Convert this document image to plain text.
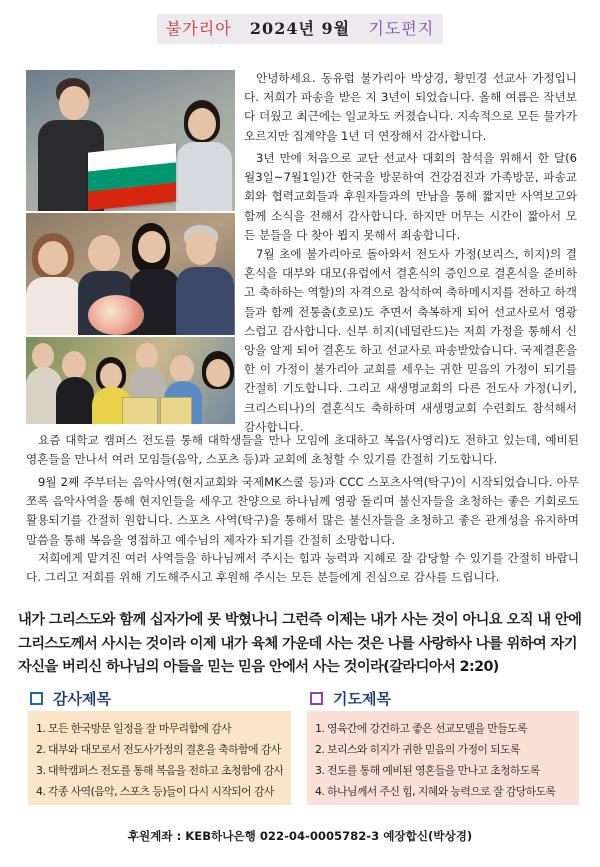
불가리아 2024년 9월 기도편지

안녕하세요. 동유럽 불가리아 박상경, 황민경 선교사 가정입니다. 저희가 파송을 받은 지 3년이 되었습니다. 올해 여름은 작년보다 더웠고 최근에는 일교차도 커졌습니다. 지속적으로 모든 물가가 오르지만 집계약을 1년 더 연장해서 감사합니다.

3년 만에 처음으로 교단 선교사 대회의 참석을 위해서 한 달(6월3일~7월1일)간 한국을 방문하여 건강검진과 가족방문, 파송교회와 협력교회들과 후원자들과의 만남을 통해 짧지만 사역보고와 함께 소식을 전해서 감사합니다. 하지만 머무는 시간이 짧아서 모든 분들을 다 찾아 뵙지 못해서 죄송합니다.

7월 초에 불가리아로 돌아와서 전도사 가정(보리스, 히지)의 결혼식을 대부와 대모(유럽에서 결혼식의 증인으로 결혼식을 준비하고 축하하는 역할)의 자격으로 참석하여 축하메시지를 전하고 하객들과 함께 전통춤(호로)도 추면서 축복하게 되어 선교사로서 영광스럽고 감사합니다. 신부 히지(네덜란드)는 저희 가정을 통해서 신앙을 알게 되어 결혼도 하고 선교사로 파송받았습니다. 국제결혼을 한 이 가정이 불가리아 교회를 세우는 귀한 믿음의 가정이 되기를 간절히 기도합니다. 그리고 새생명교회의 다른 전도사 가정(니키, 크리스티나)의 결혼식도 축하하며 새생명교회 수련회도 참석해서 감사합니다.

요즘 대학교 캠퍼스 전도를 통해 대학생들을 만나 모임에 초대하고 복음(사영리)도 전하고 있는데, 예비된 영혼들을 만나서 여러 모임들(음악, 스포츠 등)과 교회에 초청할 수 있기를 간절히 기도합니다.

9월 2째 주부터는 음악사역(현지교회와 국제MK스쿨 등)과 CCC 스포츠사역(탁구)이 시작되었습니다. 아무쪼록 음악사역을 통해 현지인들을 세우고 찬양으로 하나님께 영광 돌리며 불신자들을 초청하는 좋은 기회로도 활용되기를 간절히 원합니다. 스포츠 사역(탁구)을 통해서 많은 불신자들을 초청하고 좋은 관계성을 유지하며 말씀을 통해 복음을 영접하고 예수님의 제자가 되기를 간절히 소망합니다.

저희에게 맡겨진 여러 사역들을 하나님께서 주시는 힘과 능력과 지혜로 잘 감당할 수 있기를 간절히 바랍니다. 그리고 저희를 위해 기도해주시고 후원해 주시는 모든 분들에게 진심으로 감사를 드립니다.

내가 그리스도와 함께 십자가에 못 박혔나니 그런즉 이제는 내가 사는 것이 아니요 오직 내 안에 그리스도께서 사시는 것이라 이제 내가 육체 가운데 사는 것은 나를 사랑하사 나를 위하여 자기 자신을 버리신 하나님의 아들을 믿는 믿음 안에서 사는 것이라(갈라디아서 2:20)
감사제목	기도제목
1. 모든 한국방문 일정을 잘 마무리함에 감사
2. 대부와 대모로서 전도사가정의 결혼을 축하함에 감사
3. 대학캠퍼스 전도를 통해 복음을 전하고 초청함에 감사
4. 각종 사역(음악, 스포츠 등)들이 다시 시작되어 감사
1. 영육간에 강건하고 좋은 선교모델을 만들도록
2. 보리스와 히지가 귀한 믿음의 가정이 되도록
3. 전도를 통해 예비된 영혼들을 만나고 초청하도록
4. 하나님께서 주신 힘, 지혜와 능력으로 잘 감당하도록
후원계좌 : KEB하나은행 022-04-0005782-3 예장합신(박상경)
